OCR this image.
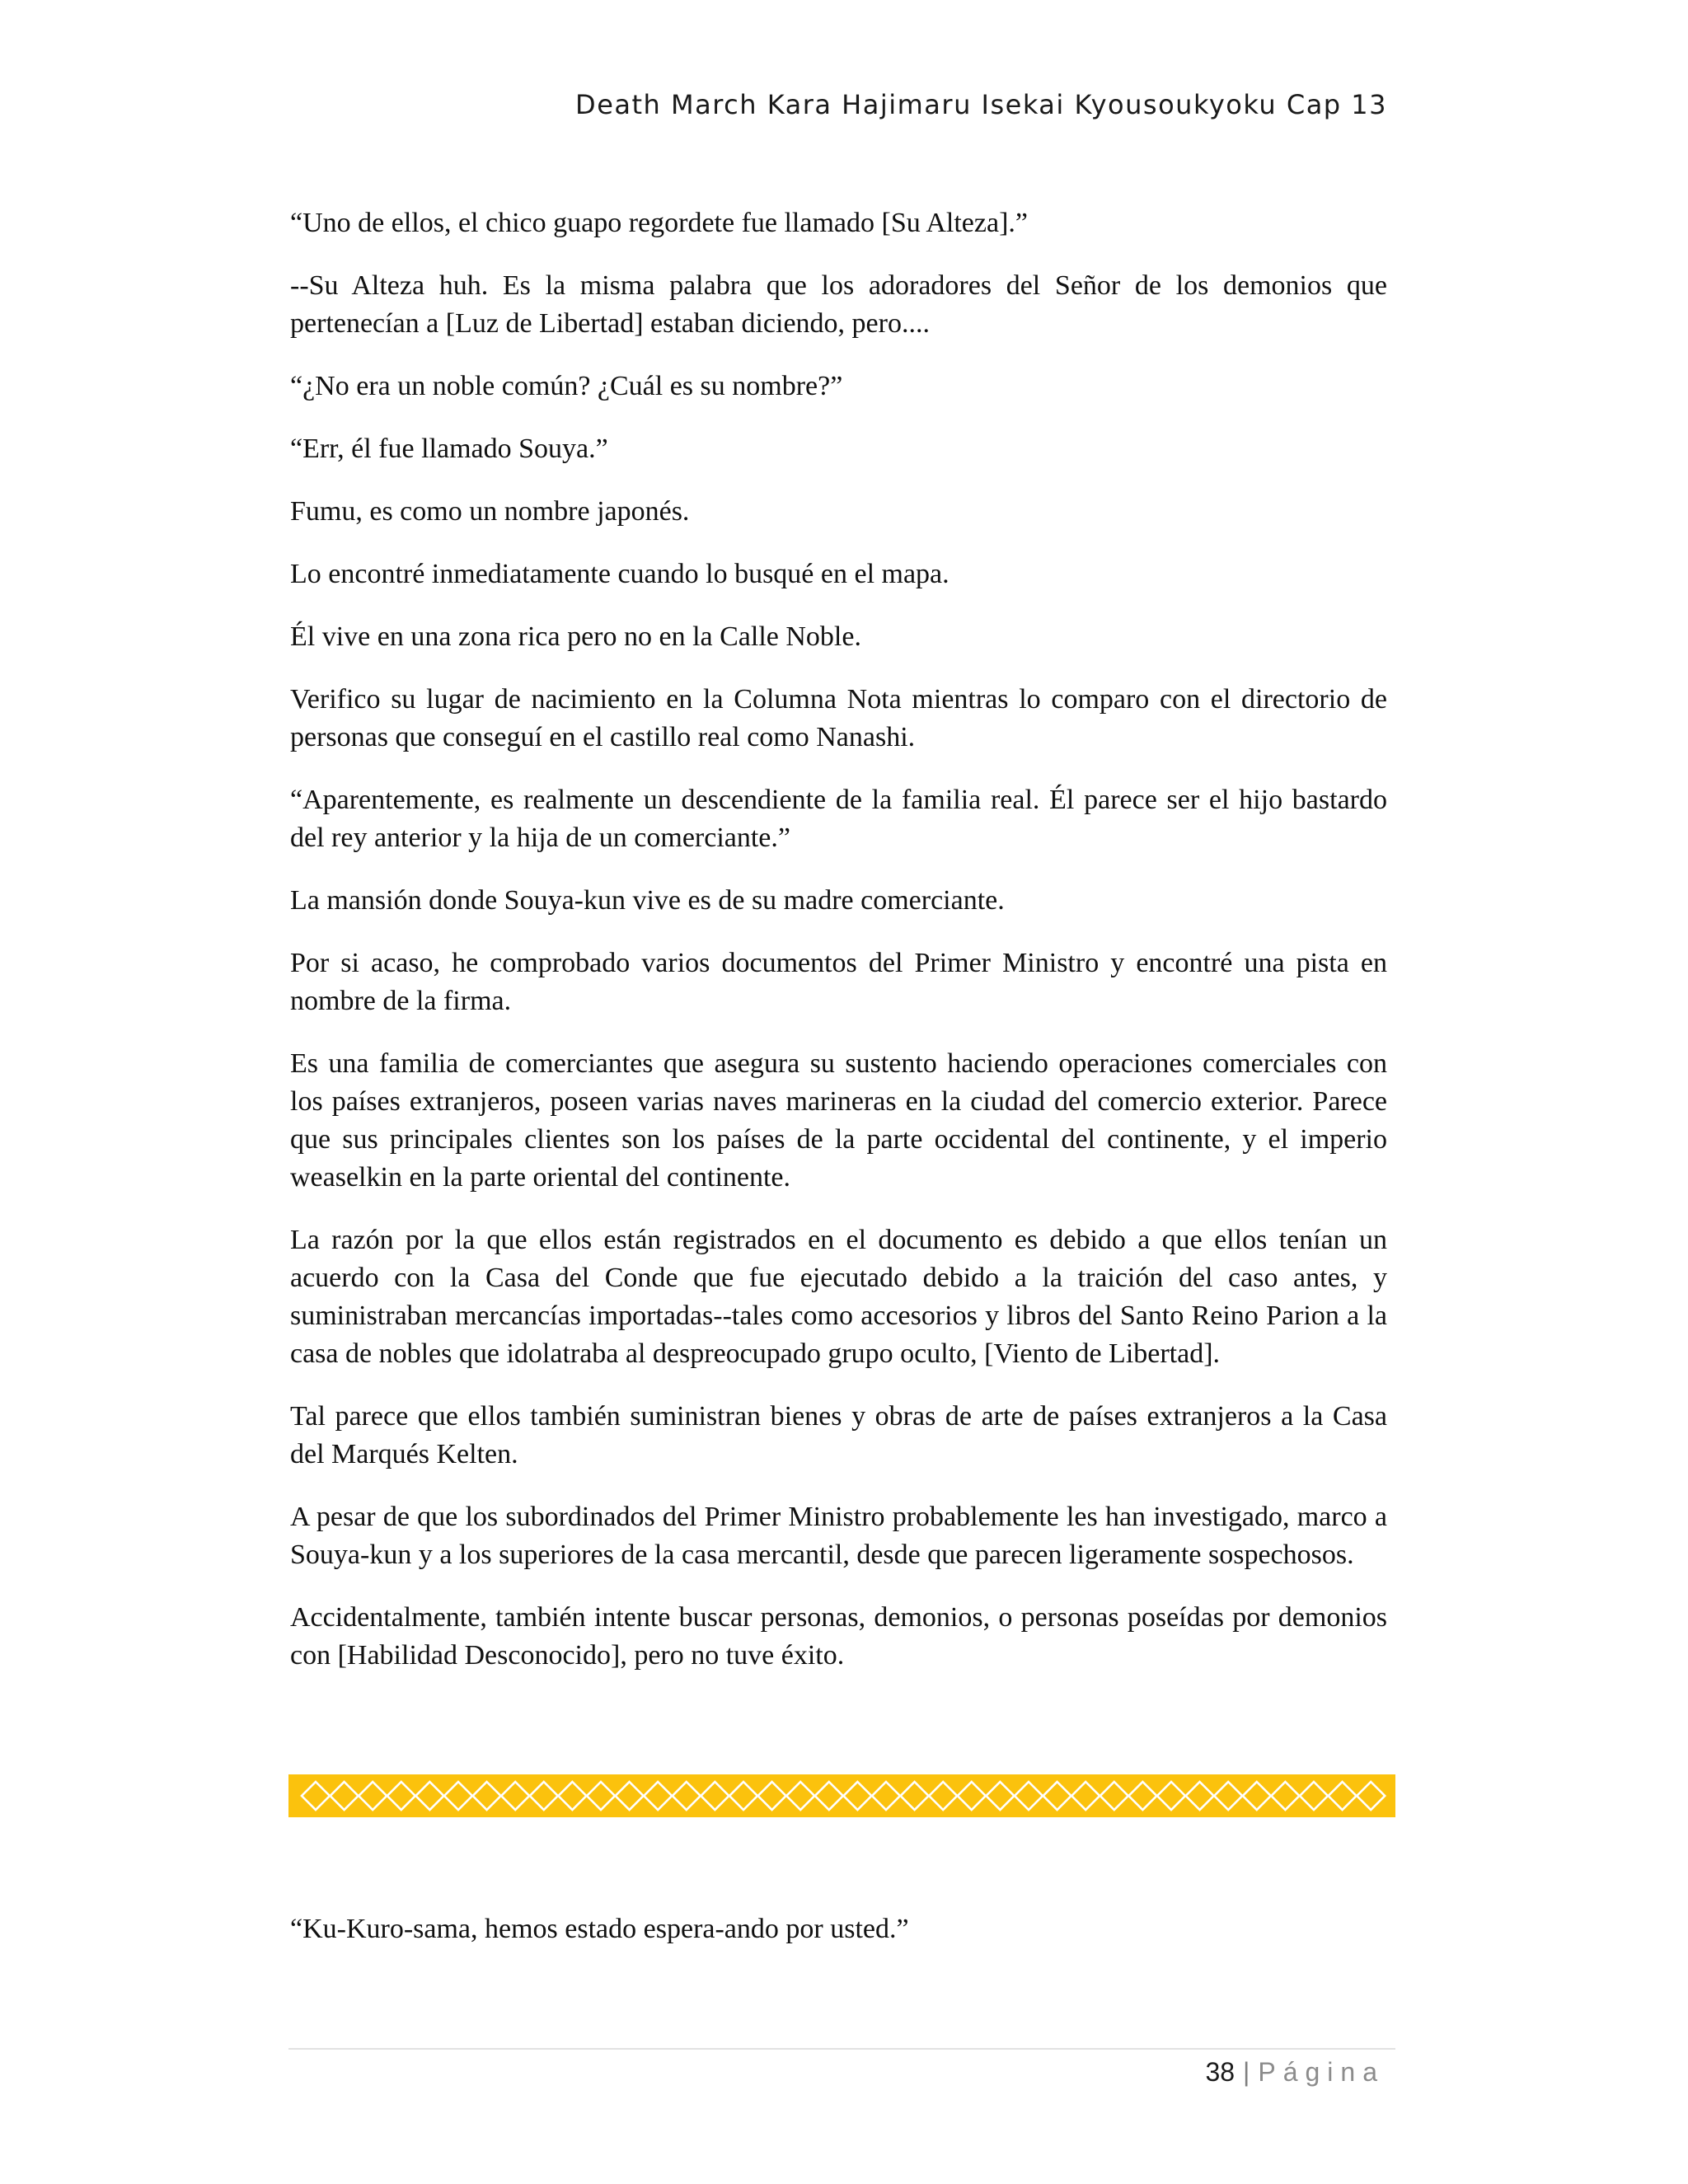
Death March Kara Hajimaru Isekai Kyousoukyoku Cap 13

“Uno de ellos, el chico guapo regordete fue llamado [Su Alteza].”

--Su Alteza huh. Es la misma palabra que los adoradores del Señor de los demonios que pertenecían a [Luz de Libertad] estaban diciendo, pero....

“¿No era un noble común? ¿Cuál es su nombre?”

“Err, él fue llamado Souya.”

Fumu, es como un nombre japonés.

Lo encontré inmediatamente cuando lo busqué en el mapa.

Él vive en una zona rica pero no en la Calle Noble.

Verifico su lugar de nacimiento en la Columna Nota mientras lo comparo con el directorio de personas que conseguí en el castillo real como Nanashi.

“Aparentemente, es realmente un descendiente de la familia real. Él parece ser el hijo bastardo del rey anterior y la hija de un comerciante.”

La mansión donde Souya-kun vive es de su madre comerciante.

Por si acaso, he comprobado varios documentos del Primer Ministro y encontré una pista en nombre de la firma.

Es una familia de comerciantes que asegura su sustento haciendo operaciones comerciales con los países extranjeros, poseen varias naves marineras en la ciudad del comercio exterior. Parece que sus principales clientes son los países de la parte occidental del continente, y el imperio weaselkin en la parte oriental del continente.

La razón por la que ellos están registrados en el documento es debido a que ellos tenían un acuerdo con la Casa del Conde que fue ejecutado debido a la traición del caso antes, y suministraban mercancías importadas--tales como accesorios y libros del Santo Reino Parion a la casa de nobles que idolatraba al despreocupado grupo oculto, [Viento de Libertad].

Tal parece que ellos también suministran bienes y obras de arte de países extranjeros a la Casa del Marqués Kelten.

A pesar de que los subordinados del Primer Ministro probablemente les han investigado, marco a Souya-kun y a los superiores de la casa mercantil, desde que parecen ligeramente sospechosos.

Accidentalmente, también intente buscar personas, demonios, o personas poseídas por demonios con [Habilidad Desconocido], pero no tuve éxito.

“Ku-Kuro-sama, hemos estado espera-ando por usted.”

38 | Página
